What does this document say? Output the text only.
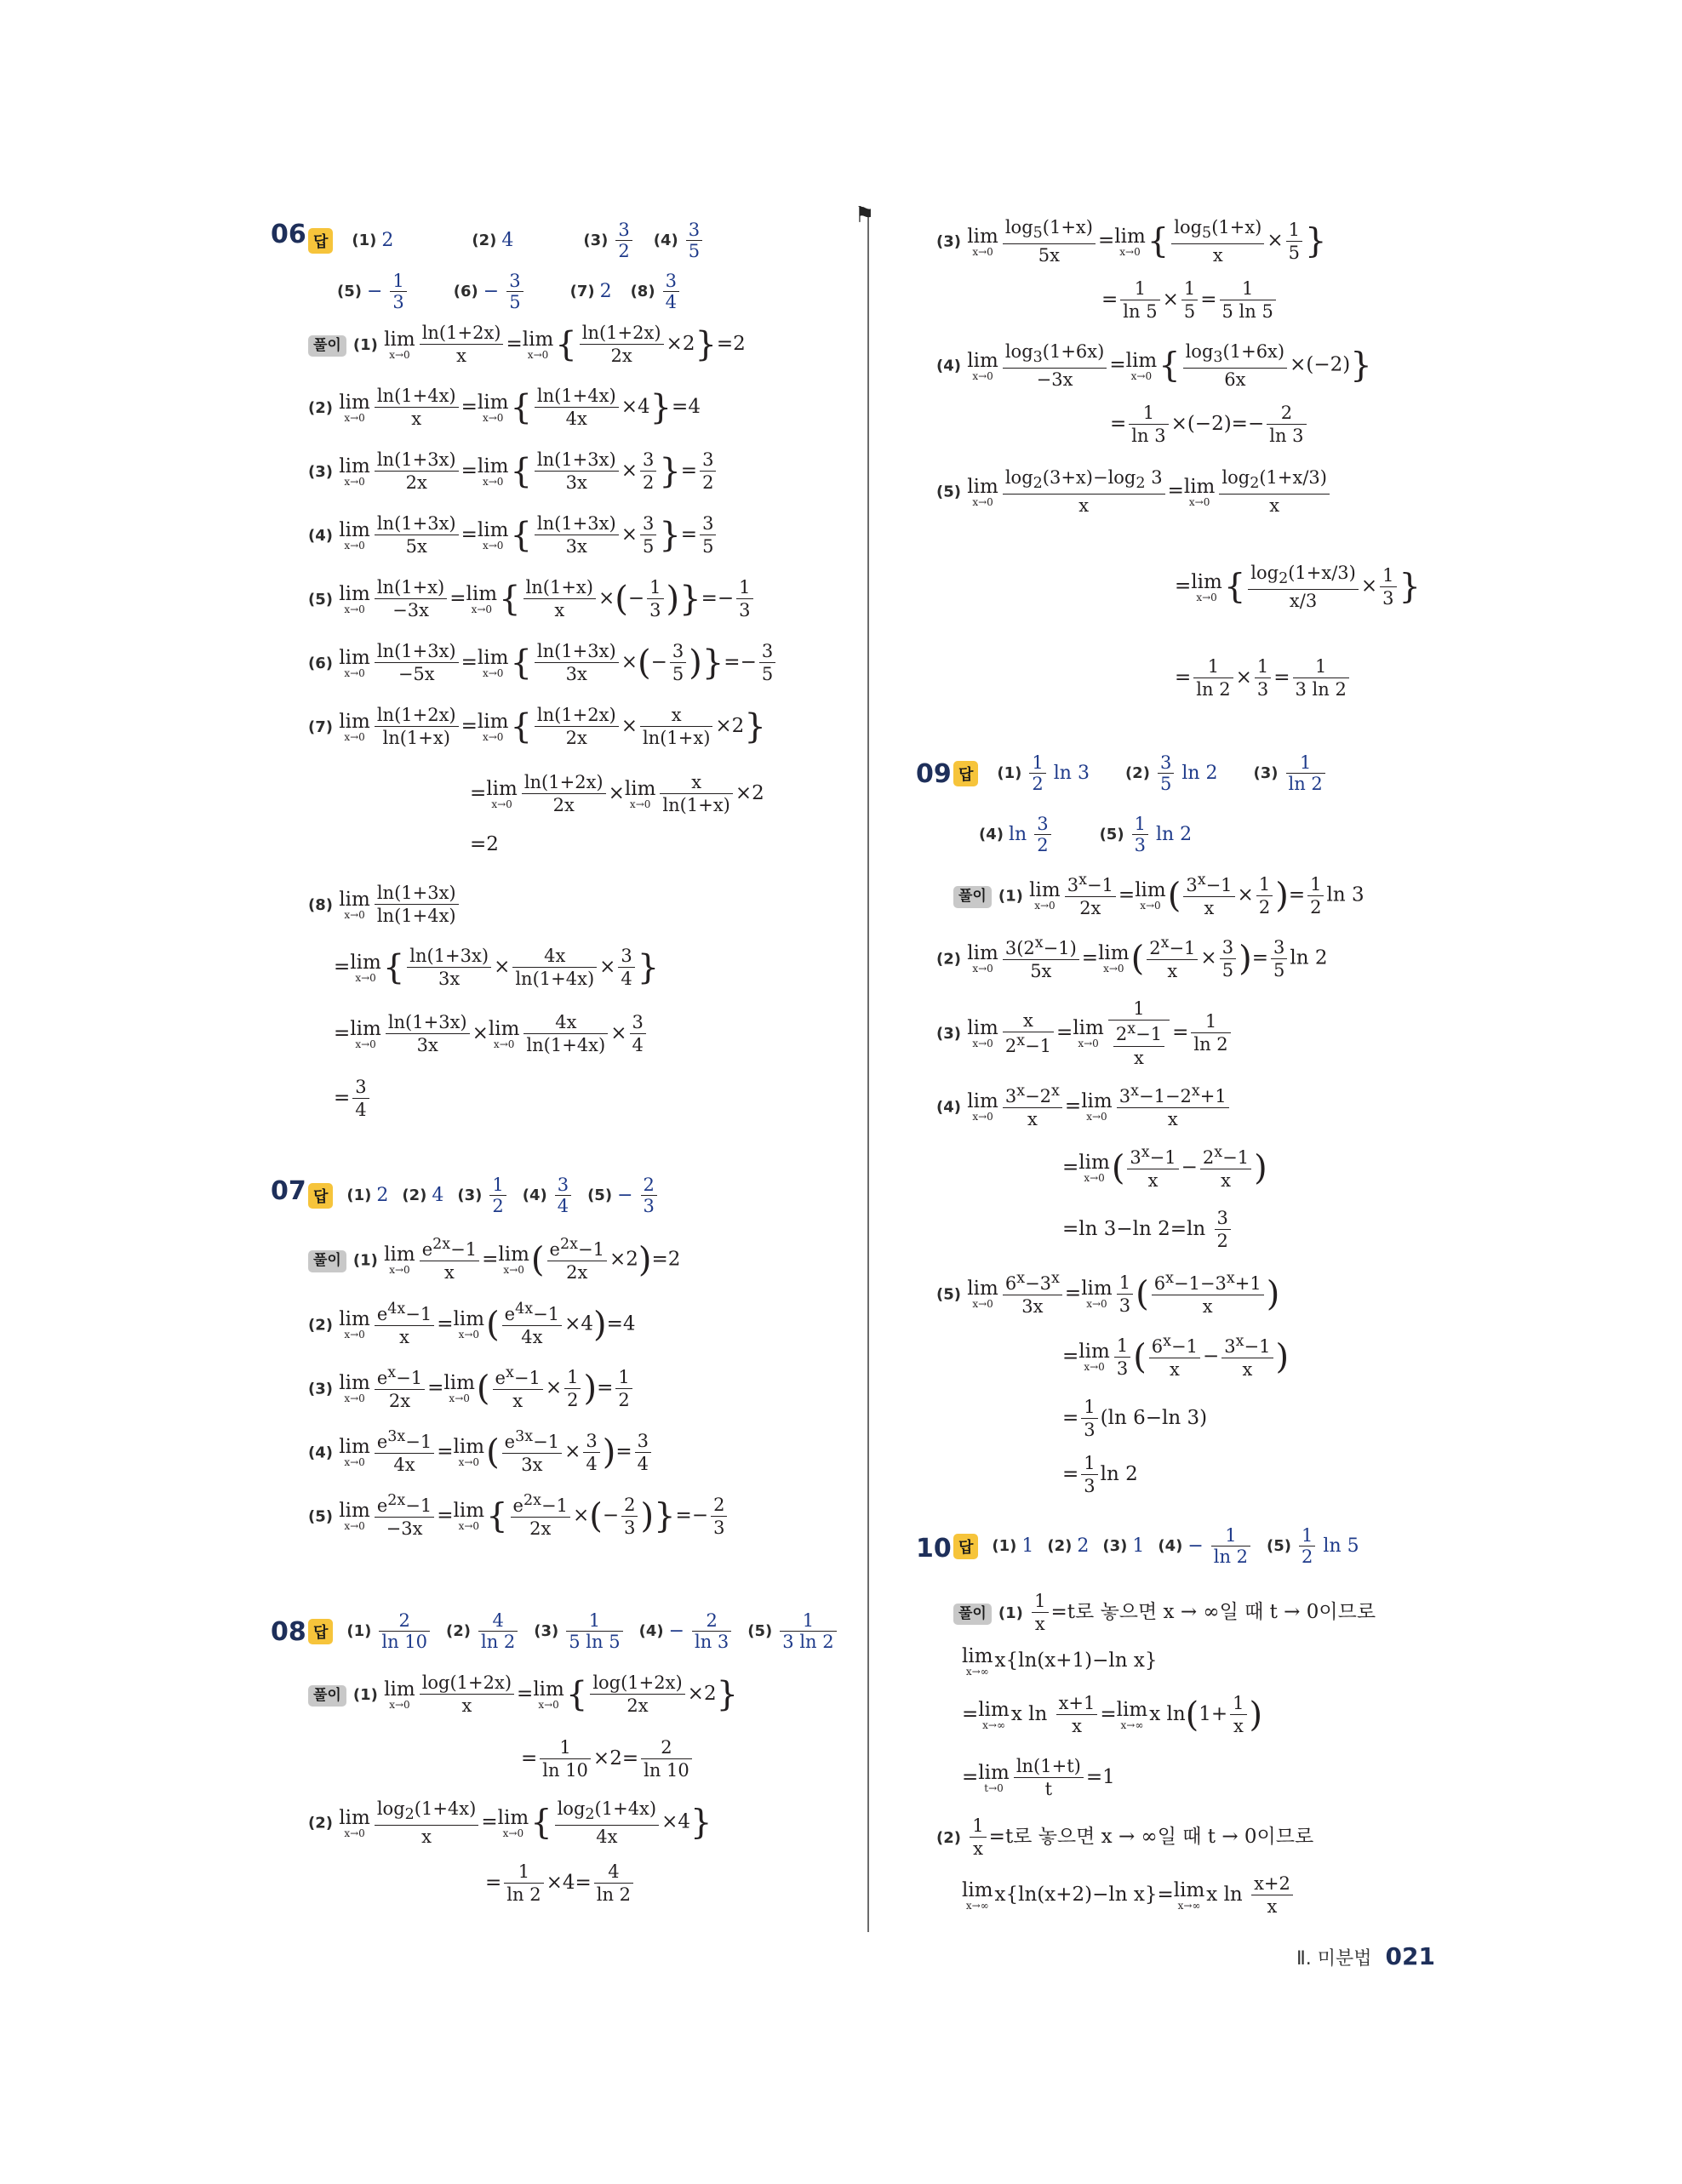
06 답	(1) 2	(2) 4	$(3) \frac{3}{2} (4) \frac{3}{5}$
$(5) - \frac{1}{3}$	$(6) - \frac{3}{5}$	(7) 2 $(8) \frac{3}{4}$
풀이 (1) lim
$x\to 0 \frac{\ln(1+2x)}{x} = \lim$
x→0 { $\frac{\ln(1+2x)}{2x} \times 2\}=2$
(2) lim
$x\to 0 \frac{\ln(1+4x)}{x} = \lim$
x→0 { $\frac{\ln(1+4x)}{4x} \times 4\}=4$
(3) lim
$x\to 0 \frac{\ln(1+3x)}{2x} = \lim$
x→0 { $\frac{\ln(1+3x)}{3x} \times \frac{3}{2}$ }= $\frac{3}{2}$
(4) lim
$x\to 0 \frac{\ln(1+3x)}{5x} = \lim$
x→0 { $\frac{\ln(1+3x)}{3x} \times \frac{3}{5}$ }= $\frac{3}{5}$
(5) lim
$x\to 0 \frac{\ln(1+x)}{-3x} = \lim$
x→0 { $\frac{\ln(1+x)}{x}$ ×(− $\frac{1}{3}$ )}=− $\frac{1}{3}$
(6) lim
$x\to 0 \frac{\ln(1+3x)}{-5x} = \lim$
x→0 { $\frac{\ln(1+3x)}{3x}$ ×(− $\frac{3}{5}$ )}=− $\frac{3}{5}$
(7) lim
$x\to 0 \frac{\ln(1+2x)}{\ln(1+x)} = \lim$
x→0 { $\frac{\ln(1+2x)}{2x} \times \frac{x}{\ln(1+x)} \times 2$}
= lim
$x\to 0 \frac{\ln(1+2x)}{2x} \times \lim$
$x\to 0 \frac{x}{\ln(1+x)} \times 2$
=2
(8) lim
$x\to 0 \frac{\ln(1+3x)}{\ln(1+4x)}$
= lim
x→0 { $\frac{\ln(1+3x)}{3x} \times \frac{4x}{\ln(1+4x)} \times \frac{3}{4}$ }
= lim
$x\to 0 \frac{\ln(1+3x)}{3x} \times \lim$
$x\to 0 \frac{4x}{\ln(1+4x)} \times \frac{3}{4}$
= $\frac{3}{4}$
07 답	(1) 2 (2) 4 $(3) \frac{1}{2} (4) \frac{3}{4} (5) - \frac{2}{3}$
풀이 (1) lim
$x\to 0 \frac{e^{2x}-1}{x} = \lim$
x→0 ( $\frac{e^{2x}-1}{2x} \times 2)=2$
(2) lim
$x\to 0 \frac{e^{4x}-1}{x} = \lim$
x→0 ( $\frac{e^{4x}-1}{4x} \times 4)=4$
(3) lim
$x\to 0 \frac{e^x-1}{2x} = \lim$
x→0 ( $\frac{e^x-1}{x} \times \frac{1}{2}$ )= $\frac{1}{2}$
(4) lim
$x\to 0 \frac{e^{3x}-1}{4x} = \lim$
x→0 ( $\frac{e^{3x}-1}{3x} \times \frac{3}{4}$ )= $\frac{3}{4}$
(5) lim
$x\to 0 \frac{e^{2x}-1}{-3x} = \lim$
x→0 { $\frac{e^{2x}-1}{2x}$ ×(− $\frac{2}{3}$ )}=− $\frac{2}{3}$
08 답	$(1) \frac{2}{\ln 10} (2) \frac{4}{\ln 2} (3) \frac{1}{5 \ln 5} (4) - \frac{2}{\ln 3} (5) \frac{1}{3 \ln 2}$
풀이 (1) lim
$x\to 0 \frac{\log(1+2x)}{x} = \lim$
x→0 { $\frac{\log(1+2x)}{2x} \times 2$}
= $\frac{1}{\ln 10} \times 2= \frac{2}{\ln 10}$
(2) lim
$x\to 0 \frac{\log_2(1+4x)}{x} = \lim$
x→0 { $\frac{\log_2(1+4x)}{4x} \times 4$}
= $\frac{1}{\ln 2} \times 4= \frac{4}{\ln 2}$
⚑
(3) lim
$x\to 0 \frac{\log_5(1+x)}{5x} = \lim$
x→0 { $\frac{\log_5(1+x)}{x} \times \frac{1}{5}$ }
= $\frac{1}{\ln 5} \times \frac{1}{5} = \frac{1}{5 \ln 5}$
(4) lim
$x\to 0 \frac{\log_3(1+6x)}{-3x} = \lim$
x→0 { $\frac{\log_3(1+6x)}{6x} \times(-2)$}
= $\frac{1}{\ln 3} \times(-2)=- \frac{2}{\ln 3}$
(5) lim
$x\to 0 \frac{\log_2(3+x)-\log_2 3}{x} = \lim$
$x\to 0 \frac{\log_2(1+x/3)}{x}$
= lim
x→0 { $\frac{\log_2(1+x/3)}{x/3} \times \frac{1}{3}$ }
= $\frac{1}{\ln 2} \times \frac{1}{3} = \frac{1}{3 \ln 2}$
09 답	$(1) \frac{1}{2}$ ln 3 $(2) \frac{3}{5}$ ln 2 $(3) \frac{1}{\ln 2}$
(4) $\ln \frac{3}{2}$	$(5) \frac{1}{3}$ ln 2
풀이 (1) lim
$x\to 0 \frac{3^x-1}{2x} = \lim$
x→0 ( $\frac{3^x-1}{x} \times \frac{1}{2}$ )= $\frac{1}{2}$ ln 3
(2) lim
$x\to 0 \frac{3(2^x-1)}{5x} = \lim$
x→0 ( $\frac{2^x-1}{x} \times \frac{3}{5}$ )= $\frac{3}{5}$ ln 2
(3) lim
$x\to 0 \frac{x}{2^x-1} = \lim$
$x\to 0 \frac{1}{\frac{2^x-1}{x}} = \frac{1}{\ln 2}$
(4) lim
$x\to 0 \frac{3^x-2^x}{x} = \lim$
$x\to 0 \frac{3^x-1-2^x+1}{x}$
= lim
x→0 ( $\frac{3^x-1}{x} - \frac{2^x-1}{x}$ )
=ln 3−ln $2=\ln \frac{3}{2}$
(5) lim
$x\to 0 \frac{6^x-3^x}{3x} = \lim$
$x\to 0 \frac{1}{3}$ ( $\frac{6^x-1-3^x+1}{x}$ )
= lim
$x\to 0 \frac{1}{3}$ ( $\frac{6^x-1}{x} - \frac{3^x-1}{x}$ )
= $\frac{1}{3} (\ln$ 6−ln 3)
= $\frac{1}{3}$ ln 2
10 답	(1) 1 (2) 2 (3) 1 $(4) - \frac{1}{\ln 2} (5) \frac{1}{2}$ ln 5
풀이 $(1) \frac{1}{x} =t$로 놓으면 x → ∞일 때 t → 0이므로
lim
x→∞ x{ln(x+1)−ln x}
= lim
x→∞ x $\ln \frac{x+1}{x} = \lim$
x→∞ x $\ln(1+ \frac{1}{x}$ )
= lim
$t\to 0 \frac{\ln(1+t)}{t} =1$
$(2) \frac{1}{x} =t$로 놓으면 x → ∞일 때 t → 0이므로
lim
x→∞ x{ln(x+2)−ln x}= lim
x→∞ x $\ln \frac{x+2}{x}$
Ⅱ. 미분법 021
